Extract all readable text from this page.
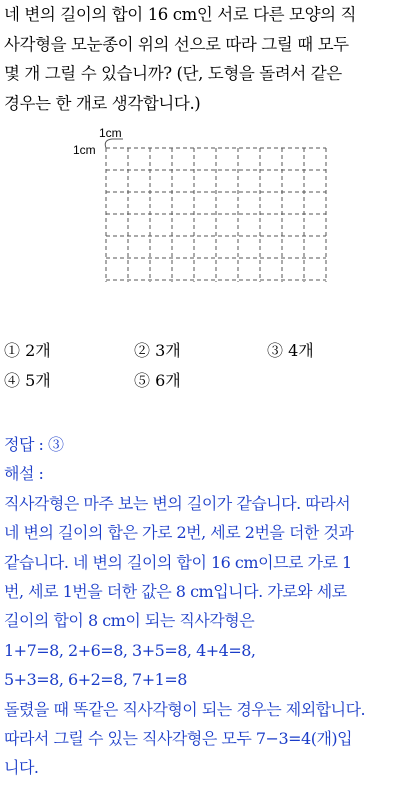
네 변의 길이의 합이 16 cm인 서로 다른 모양의 직

사각형을 모눈종이 위의 선으로 따라 그릴 때 모두

몇 개 그릴 수 있습니까? (단, 도형을 돌려서 같은

경우는 한 개로 생각합니다.)

1cm
1cm
① 2개	② 3개	③ 4개
④ 5개	⑤ 6개

정답 : ③

해설 :

직사각형은 마주 보는 변의 길이가 같습니다. 따라서

네 변의 길이의 합은 가로 2번, 세로 2번을 더한 것과

같습니다. 네 변의 길이의 합이 16 cm이므로 가로 1

번, 세로 1번을 더한 값은 8 cm입니다. 가로와 세로

길이의 합이 8 cm이 되는 직사각형은

1+7=8, 2+6=8, 3+5=8, 4+4=8,

5+3=8, 6+2=8, 7+1=8

돌렸을 때 똑같은 직사각형이 되는 경우는 제외합니다.

따라서 그릴 수 있는 직사각형은 모두 7−3=4(개)입

니다.
